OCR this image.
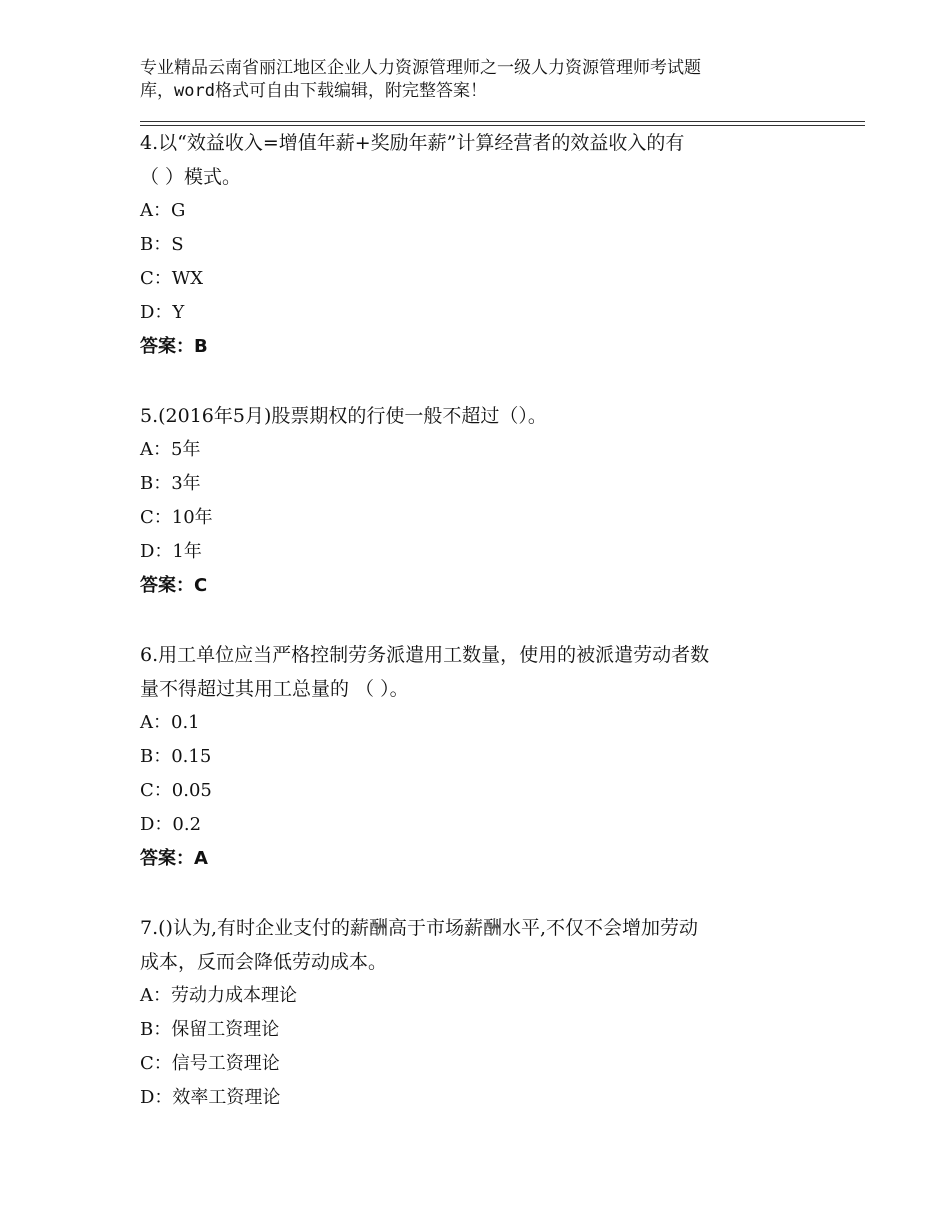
专业精品云南省丽江地区企业人力资源管理师之一级人力资源管理师考试题
库，word格式可自由下载编辑，附完整答案！
4.以“效益收入=增值年薪+奖励年薪”计算经营者的效益收入的有
（ ）模式。
A：G
B：S
C：WX
D：Y
答案：B
5.(2016年5月)股票期权的行使一般不超过（）。
A：5年
B：3年
C：10年
D：1年
答案：C
6.用工单位应当严格控制劳务派遣用工数量，使用的被派遣劳动者数
量不得超过其用工总量的 （ ）。
A：0.1
B：0.15
C：0.05
D：0.2
答案：A
7.()认为,有时企业支付的薪酬高于市场薪酬水平,不仅不会增加劳动
成本，反而会降低劳动成本。
A：劳动力成本理论
B：保留工资理论
C：信号工资理论
D：效率工资理论
